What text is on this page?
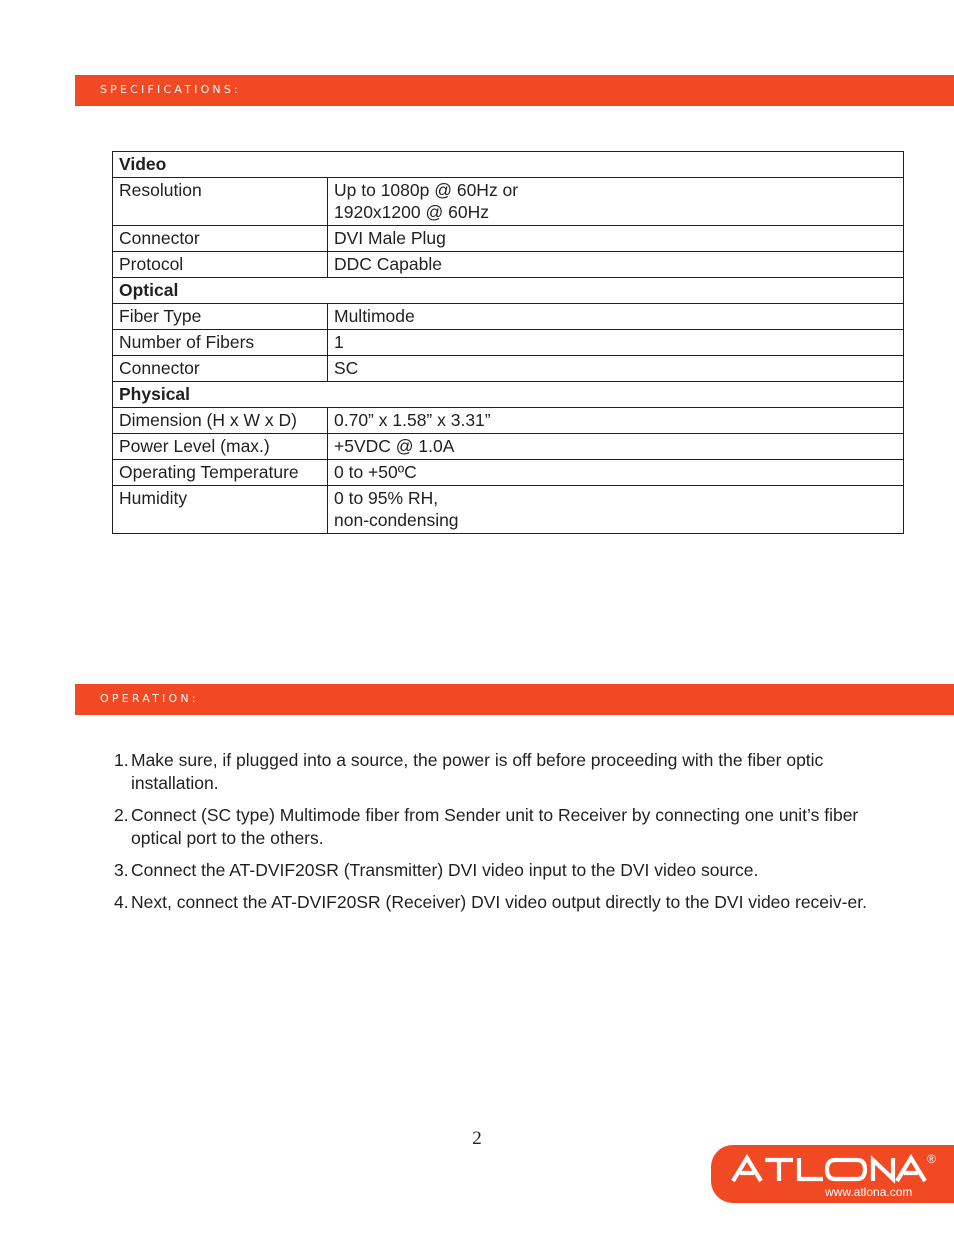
SPECIFICATIONS:
Video	
Resolution	Up to 1080p @ 60Hz or
1920x1200 @ 60Hz

Connector	DVI Male Plug

Protocol	DDC Capable

Optical	
Fiber Type	Multimode

Number of Fibers	1

Connector	SC

Physical	
Dimension (H x W x D)	0.70” x 1.58” x 3.31”

Power Level (max.)	+5VDC @ 1.0A

Operating Temperature	0 to +50ºC

Humidity	0 to 95% RH,
non-condensing
OPERATION:
1. Make sure, if plugged into a source, the power is off before proceeding with the fiber optic installation.
2. Connect (SC type) Multimode fiber from Sender unit to Receiver by connecting one unit’s fiber optical port to the others.
3. Connect the AT-DVIF20SR (Transmitter) DVI video input to the DVI video source.
4. Next, connect the AT-DVIF20SR (Receiver) DVI video output directly to the DVI video receiv-er.
2
®
www.atlona.com
